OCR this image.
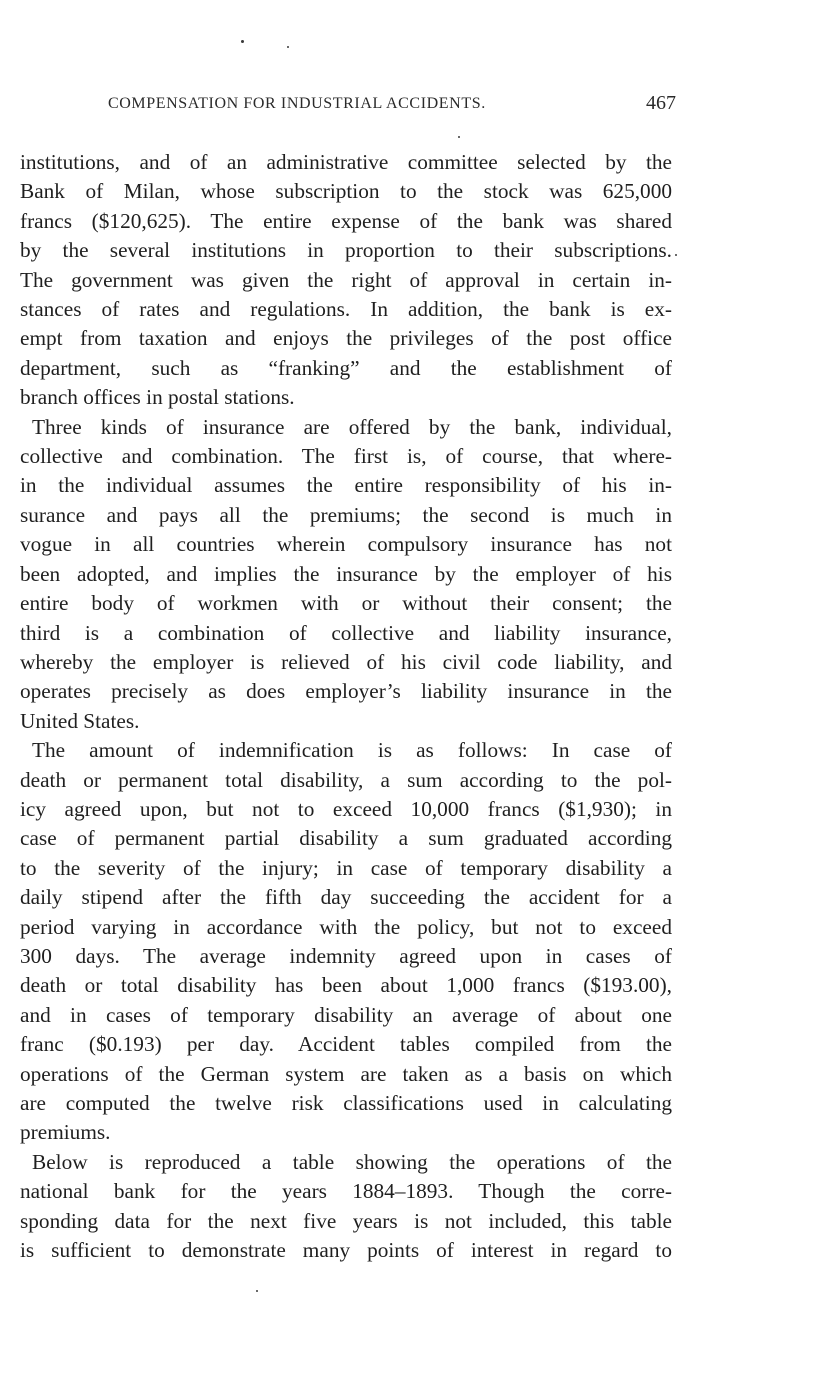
COMPENSATION FOR INDUSTRIAL ACCIDENTS.	467

institutions, and of an administrative committee selected by the
Bank of Milan, whose subscription to the stock was 625,000
francs ($120,625). The entire expense of the bank was shared
by the several institutions in proportion to their subscriptions.
The government was given the right of approval in certain in-
stances of rates and regulations. In addition, the bank is ex-
empt from taxation and enjoys the privileges of the post office
department, such as “franking” and the establishment of
branch offices in postal stations.

Three kinds of insurance are offered by the bank, individual,
collective and combination. The first is, of course, that where-
in the individual assumes the entire responsibility of his in-
surance and pays all the premiums; the second is much in
vogue in all countries wherein compulsory insurance has not
been adopted, and implies the insurance by the employer of his
entire body of workmen with or without their consent; the
third is a combination of collective and liability insurance,
whereby the employer is relieved of his civil code liability, and
operates precisely as does employer’s liability insurance in the
United States.

The amount of indemnification is as follows: In case of
death or permanent total disability, a sum according to the pol-
icy agreed upon, but not to exceed 10,000 francs ($1,930); in
case of permanent partial disability a sum graduated according
to the severity of the injury; in case of temporary disability a
daily stipend after the fifth day succeeding the accident for a
period varying in accordance with the policy, but not to exceed
300 days. The average indemnity agreed upon in cases of
death or total disability has been about 1,000 francs ($193.00),
and in cases of temporary disability an average of about one
franc ($0.193) per day. Accident tables compiled from the
operations of the German system are taken as a basis on which
are computed the twelve risk classifications used in calculating
premiums.

Below is reproduced a table showing the operations of the
national bank for the years 1884–1893. Though the corre-
sponding data for the next five years is not included, this table
is sufficient to demonstrate many points of interest in regard to
